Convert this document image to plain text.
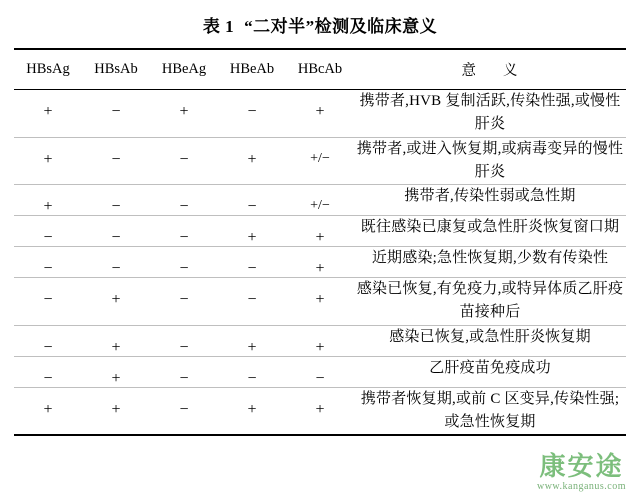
表 1 “二对半”检测及临床意义
HBsAg	HBsAb	HBeAg	HBeAb	HBcAb	意 义

+	−	+	−	+	携带者,HVB 复制活跃,传染性强,或慢性肝炎

+	−	−	+	+/−	携带者,或进入恢复期,或病毒变异的慢性肝炎

+	−	−	−	+/−	携带者,传染性弱或急性期

−	−	−	+	+	既往感染已康复或急性肝炎恢复窗口期

−	−	−	−	+	近期感染;急性恢复期,少数有传染性

−	+	−	−	+	感染已恢复,有免疫力,或特异体质乙肝疫苗接种后

−	+	−	+	+	感染已恢复,或急性肝炎恢复期

−	+	−	−	−	乙肝疫苗免疫成功

+	+	−	+	+	携带者恢复期,或前 C 区变异,传染性强;或急性恢复期
康安途
www.kanganus.com
